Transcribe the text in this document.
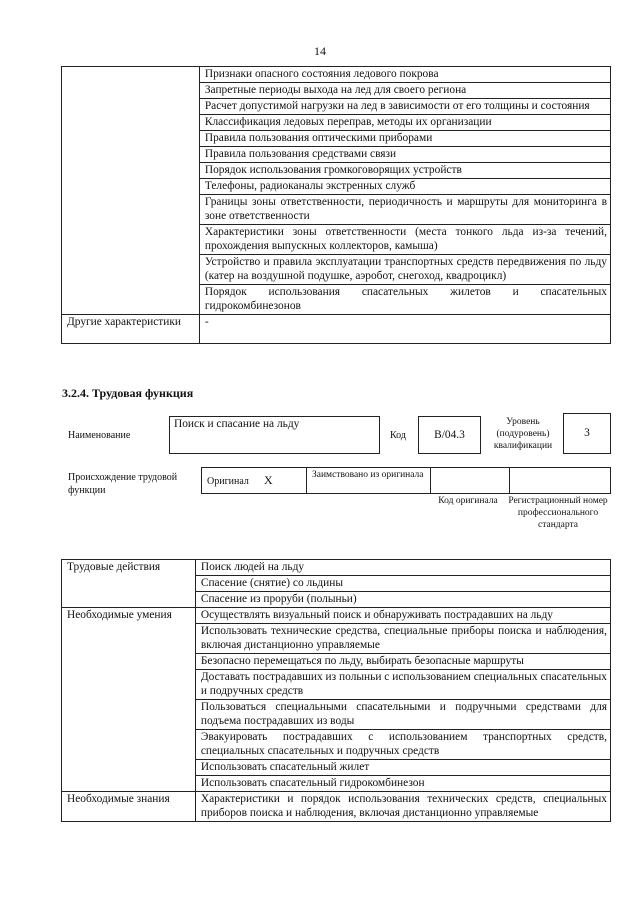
14
	Признаки опасного состояния ледового покрова
	Запретные периоды выхода на лед для своего региона
	Расчет допустимой нагрузки на лед в зависимости от его толщины и состояния
	Классификация ледовых переправ, методы их организации
	Правила пользования оптическими приборами
	Правила пользования средствами связи
	Порядок использования громкоговорящих устройств
	Телефоны, радиоканалы экстренных служб
	Границы зоны ответственности, периодичность и маршруты для мониторинга в зоне ответственности
	Характеристики зоны ответственности (места тонкого льда из-за течений, прохождения выпускных коллекторов, камыша)
	Устройство и правила эксплуатации транспортных средств передвижения по льду (катер на воздушной подушке, аэробот, снегоход, квадроцикл)
	Порядок использования спасательных жилетов и спасательных гидрокомбинезонов
Другие характеристики	-
3.2.4. Трудовая функция
Наименование
Поиск и спасание на льду
Код	B/04.3
Уровень (подуровень) квалификации
3
Происхождение трудовой функции
Оригинал X	Заимствовано из оригинала
Код оригинала	Регистрационный номер профессионального стандарта
Трудовые действия	Поиск людей на льду
	Спасение (снятие) со льдины
	Спасение из проруби (полыньи)
Необходимые умения	Осуществлять визуальный поиск и обнаруживать пострадавших на льду
	Использовать технические средства, специальные приборы поиска и наблюдения, включая дистанционно управляемые
	Безопасно перемещаться по льду, выбирать безопасные маршруты
	Доставать пострадавших из полыньи с использованием специальных спасательных и подручных средств
	Пользоваться специальными спасательными и подручными средствами для подъема пострадавших из воды
	Эвакуировать пострадавших с использованием транспортных средств, специальных спасательных и подручных средств
	Использовать спасательный жилет
	Использовать спасательный гидрокомбинезон
Необходимые знания	Характеристики и порядок использования технических средств, специальных приборов поиска и наблюдения, включая дистанционно управляемые
